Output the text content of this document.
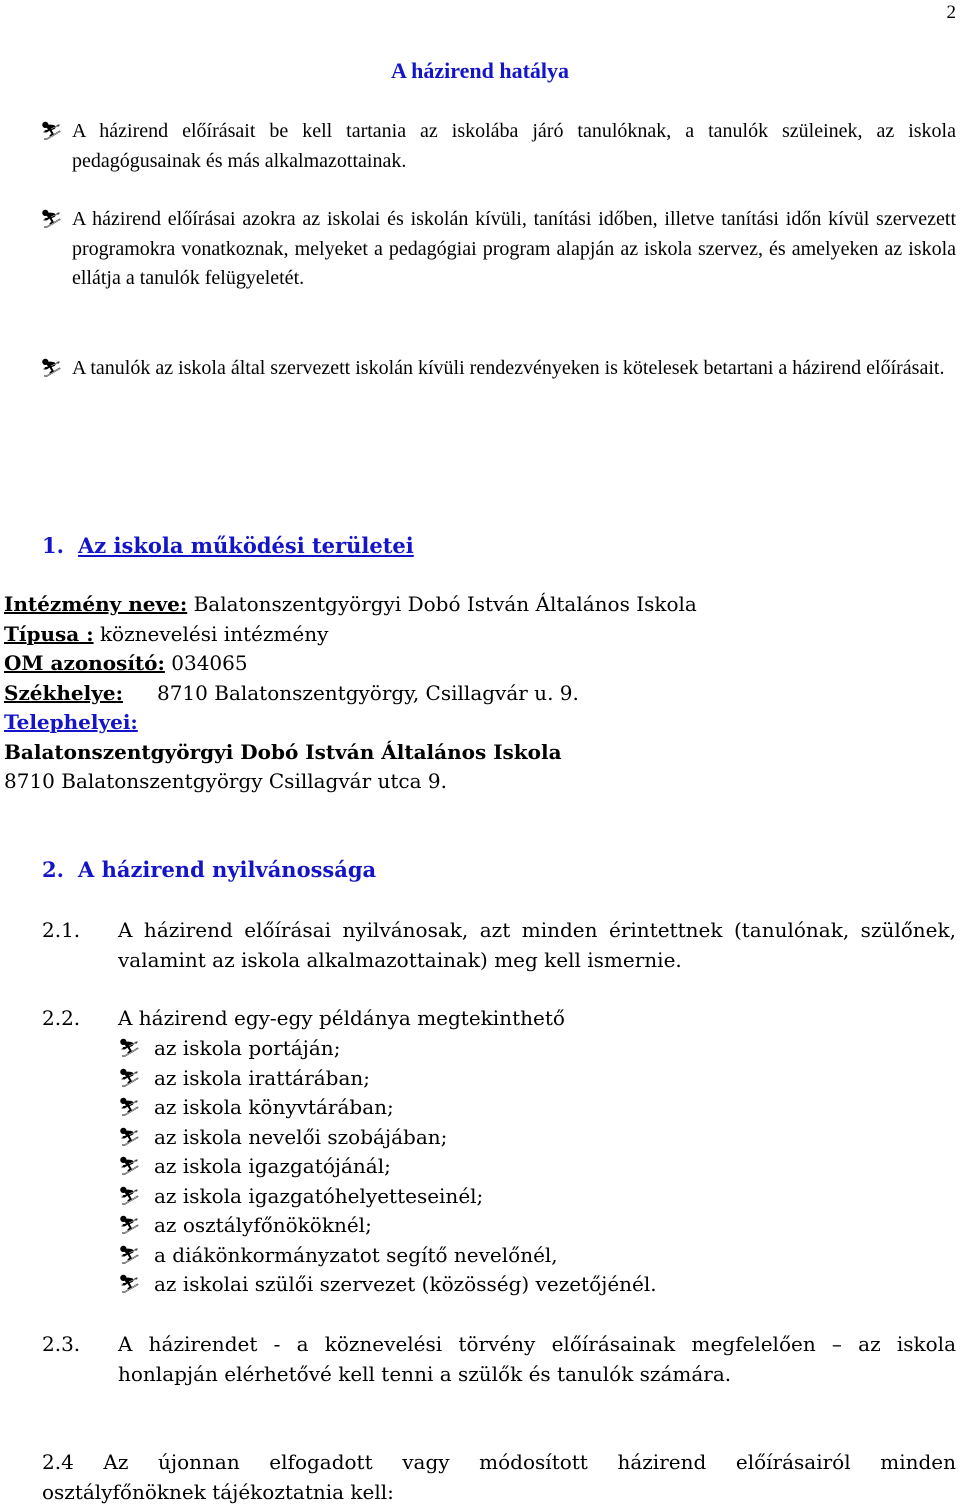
2
A házirend hatálya
⛷ A házirend előírásait be kell tartania az iskolába járó tanulóknak, a tanulók szüleinek, az iskola pedagógusainak és más alkalmazottainak.
⛷ A házirend előírásai azokra az iskolai és iskolán kívüli, tanítási időben, illetve tanítási időn kívül szervezett programokra vonatkoznak, melyeket a pedagógiai program alapján az iskola szervez, és amelyeken az iskola ellátja a tanulók felügyeletét.
⛷ A tanulók az iskola által szervezett iskolán kívüli rendezvényeken is kötelesek betartani a házirend előírásait.
1. Az iskola működési területei
Intézmény neve: Balatonszentgyörgyi Dobó István Általános Iskola
Típusa : köznevelési intézmény
OM azonosító: 034065
Székhelye: 8710 Balatonszentgyörgy, Csillagvár u. 9.
Telephelyei:
Balatonszentgyörgyi Dobó István Általános Iskola
8710 Balatonszentgyörgy Csillagvár utca 9.
2. A házirend nyilvánossága
2.1. A házirend előírásai nyilvánosak, azt minden érintettnek (tanulónak, szülőnek, valamint az iskola alkalmazottainak) meg kell ismernie.
2.2. A házirend egy-egy példánya megtekinthető
⛷ az iskola portáján;
⛷ az iskola irattárában;
⛷ az iskola könyvtárában;
⛷ az iskola nevelői szobájában;
⛷ az iskola igazgatójánál;
⛷ az iskola igazgatóhelyetteseinél;
⛷ az osztályfőnököknél;
⛷ a diákönkormányzatot segítő nevelőnél,
⛷ az iskolai szülői szervezet (közösség) vezetőjénél.
2.3. A házirendet - a köznevelési törvény előírásainak megfelelően – az iskola honlapján elérhetővé kell tenni a szülők és tanulók számára.
2.4 Az újonnan elfogadott vagy módosított házirend előírásairól minden
osztályfőnöknek tájékoztatnia kell:
